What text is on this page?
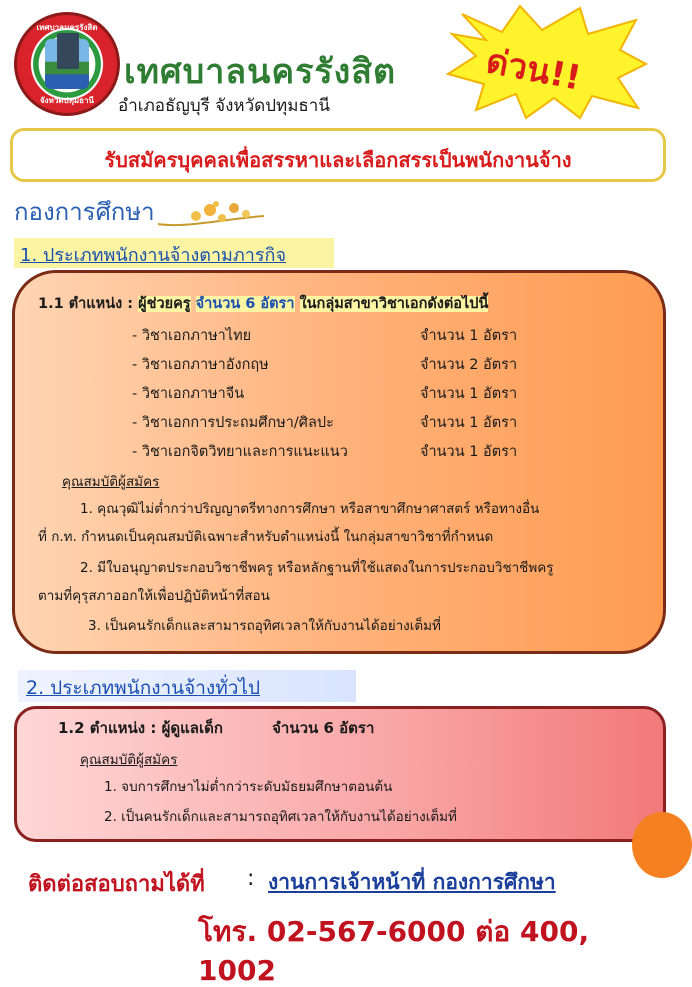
เทศบาลนครรังสิต
จังหวัดปทุมธานี
เทศบาลนครรังสิต
อำเภอธัญบุรี จังหวัดปทุมธานี
ด่วน!!
รับสมัครบุคคลเพื่อสรรหาและเลือกสรรเป็นพนักงานจ้าง
กองการศึกษา
1. ประเภทพนักงานจ้างตามภารกิจ
1.1 ตำแหน่ง : ผู้ช่วยครู จำนวน 6 อัตรา ในกลุ่มสาขาวิชาเอกดังต่อไปนี้
- วิชาเอกภาษาไทย	จำนวน 1 อัตรา
- วิชาเอกภาษาอังกฤษ	จำนวน 2 อัตรา
- วิชาเอกภาษาจีน	จำนวน 1 อัตรา
- วิชาเอกการประถมศึกษา/ศิลปะ	จำนวน 1 อัตรา
- วิชาเอกจิตวิทยาและการแนะแนว	จำนวน 1 อัตรา
คุณสมบัติผู้สมัคร
1. คุณวุฒิไม่ต่ำกว่าปริญญาตรีทางการศึกษา หรือสาขาศึกษาศาสตร์ หรือทางอื่น
ที่ ก.ท. กำหนดเป็นคุณสมบัติเฉพาะสำหรับตำแหน่งนี้ ในกลุ่มสาขาวิชาที่กำหนด
2. มีใบอนุญาตประกอบวิชาชีพครู หรือหลักฐานที่ใช้แสดงในการประกอบวิชาชีพครู
ตามที่คุรุสภาออกให้เพื่อปฏิบัติหน้าที่สอน
3. เป็นคนรักเด็กและสามารถอุทิศเวลาให้กับงานได้อย่างเต็มที่
2. ประเภทพนักงานจ้างทั่วไป
1.2 ตำแหน่ง : ผู้ดูแลเด็ก	จำนวน 6 อัตรา
คุณสมบัติผู้สมัคร
1. จบการศึกษาไม่ต่ำกว่าระดับมัธยมศึกษาตอนต้น
2. เป็นคนรักเด็กและสามารถอุทิศเวลาให้กับงานได้อย่างเต็มที่
ติดต่อสอบถามได้ที่ : งานการเจ้าหน้าที่ กองการศึกษา
โทร. 02-567-6000 ต่อ 400, 1002
